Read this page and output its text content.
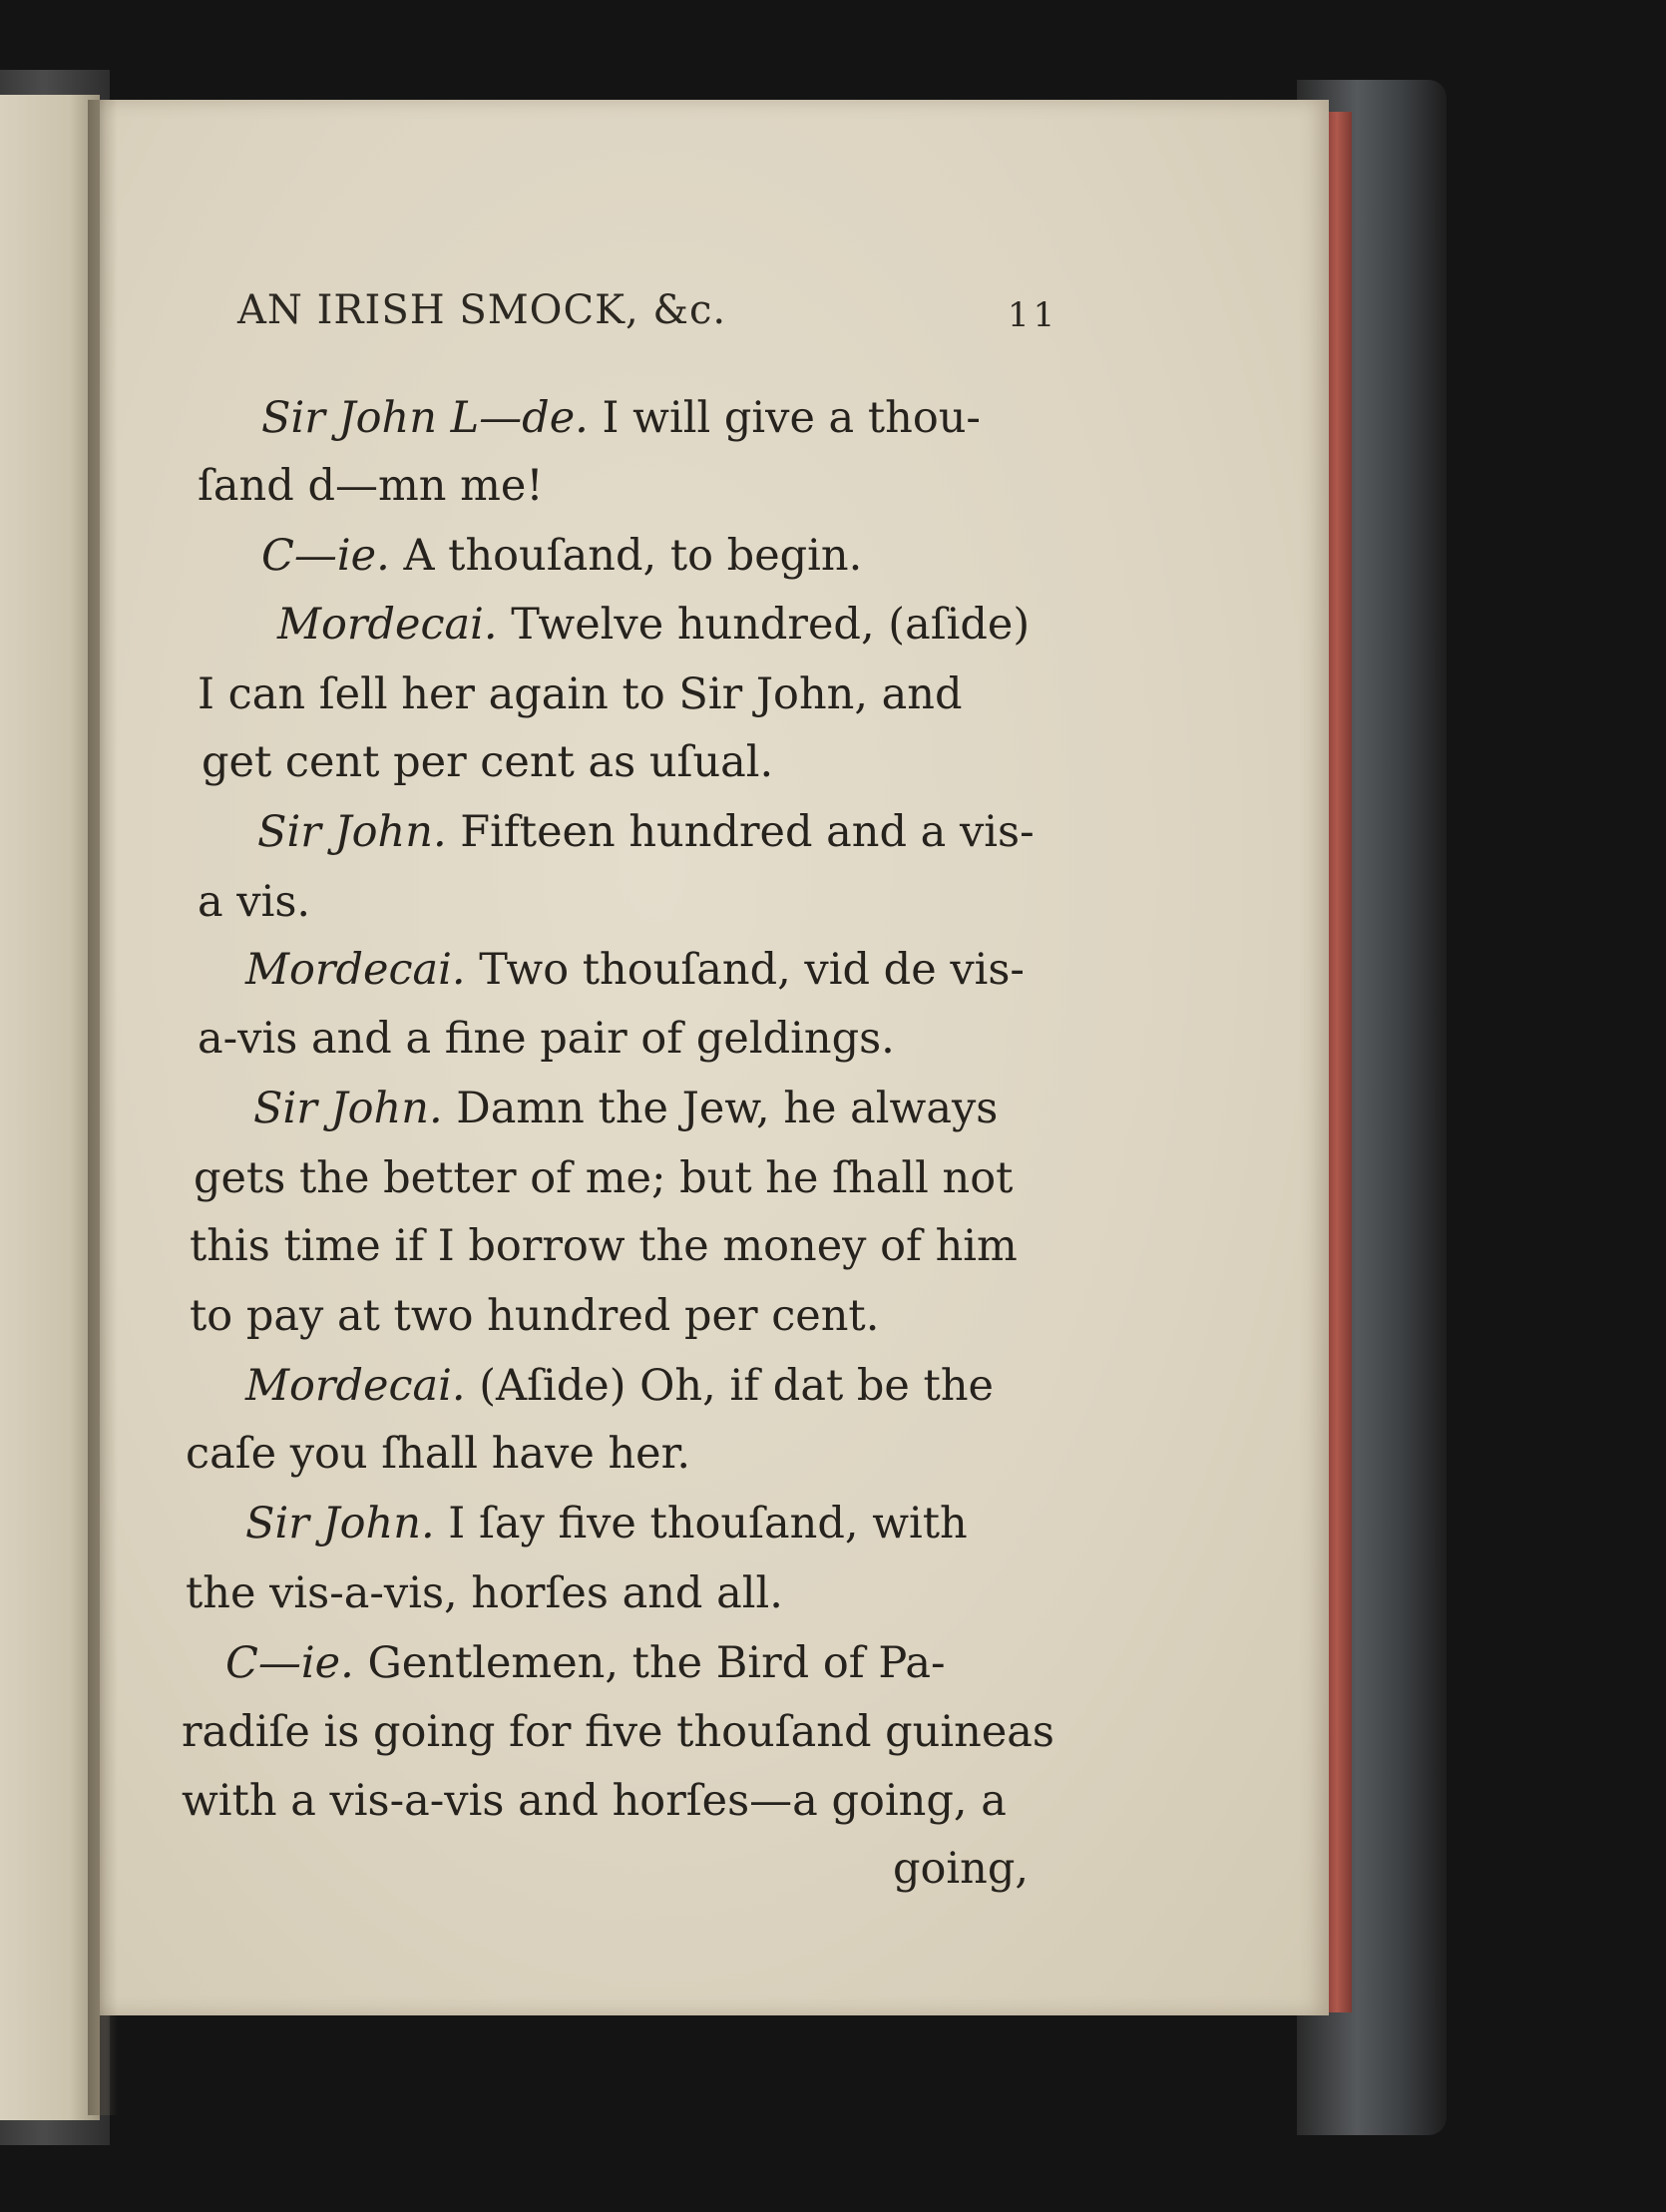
AN IRISH SMOCK, &c.	11
Sir John L—de. I will give a thou-
ſand d—mn me!
C—ie. A thouſand, to begin.
Mordecai. Twelve hundred, (aſide)
I can ſell her again to Sir John, and
get cent per cent as uſual.
Sir John. Fifteen hundred and a vis-
a vis.
Mordecai. Two thouſand, vid de vis-
a-vis and a fine pair of geldings.
Sir John. Damn the Jew, he always
gets the better of me; but he ſhall not
this time if I borrow the money of him
to pay at two hundred per cent.
Mordecai. (Aſide) Oh, if dat be the
caſe you ſhall have her.
Sir John. I ſay five thouſand, with
the vis-a-vis, horſes and all.
C—ie. Gentlemen, the Bird of Pa-
radiſe is going for five thouſand guineas
with a vis-a-vis and horſes—a going, a
going,
